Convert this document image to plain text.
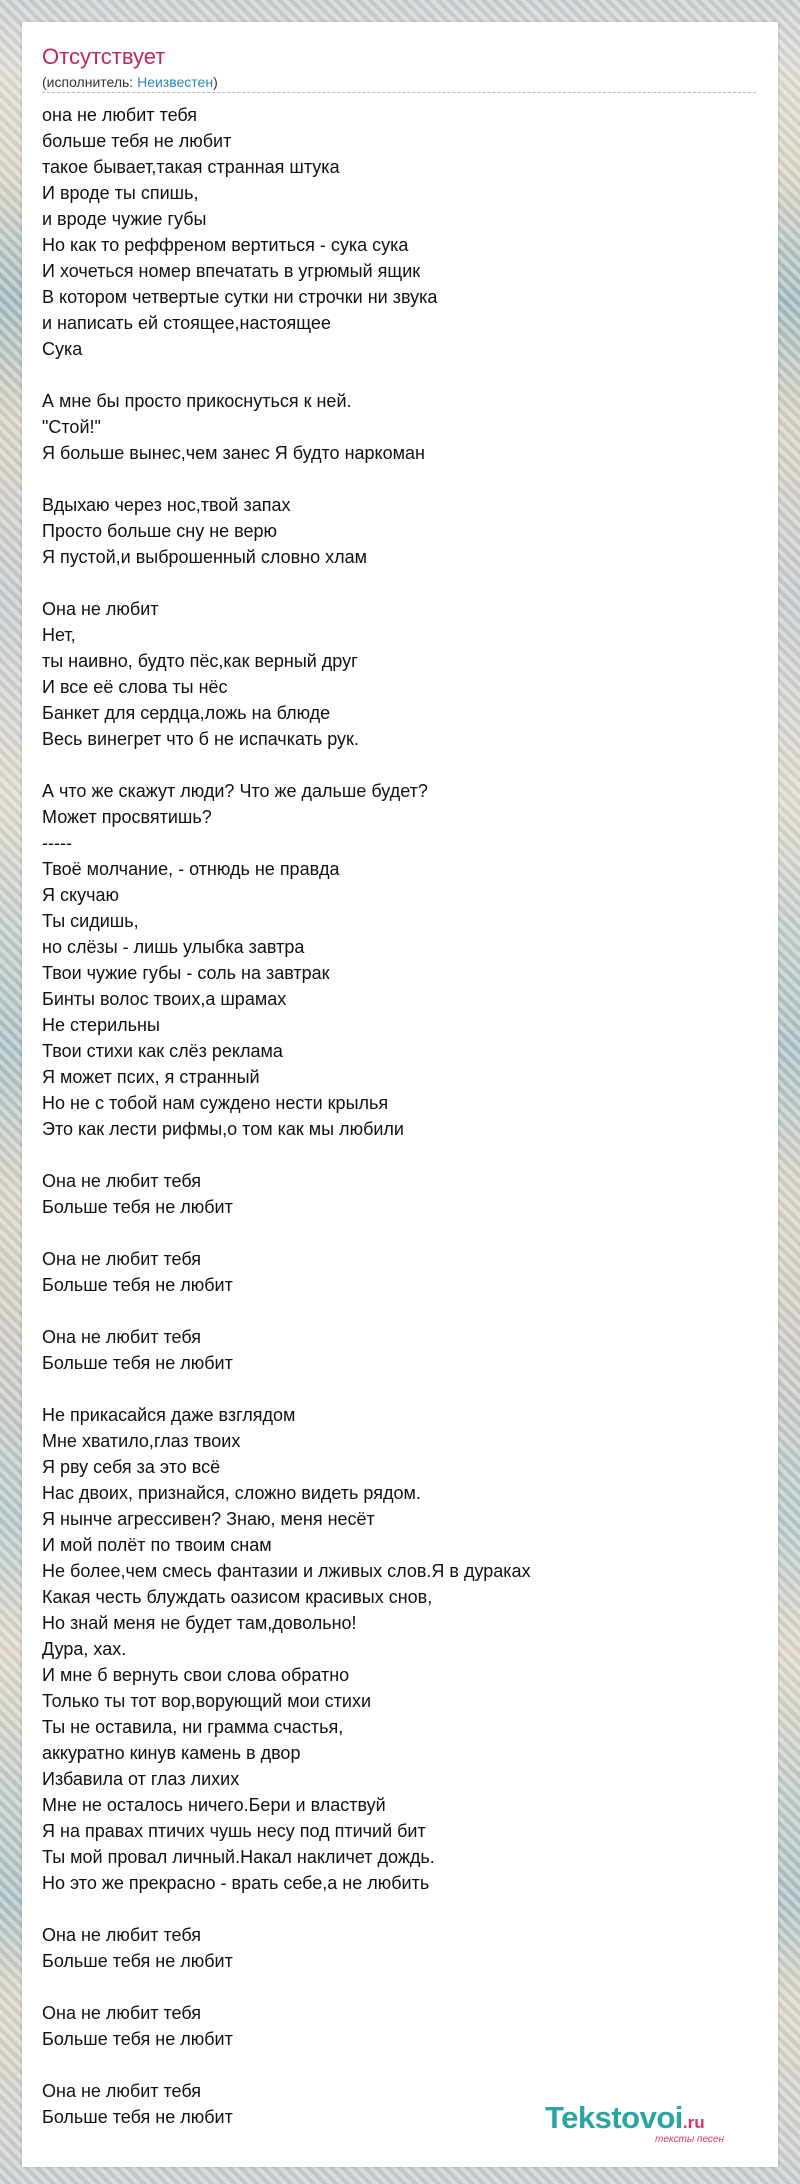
Отсутствует
(исполнитель: Неизвестен)
она не любит тебя
больше тебя не любит
такое бывает,такая странная штука
И вроде ты спишь,
и вроде чужие губы
Но как то реффреном вертиться - сука сука
И хочеться номер впечатать в угрюмый ящик
В котором четвертые сутки ни строчки ни звука
и написать ей стоящее,настоящее
Сука
А мне бы просто прикоснуться к ней.
"Стой!"
Я больше вынес,чем занес Я будто наркоман
Вдыхаю через нос,твой запах
Просто больше сну не верю
Я пустой,и выброшенный словно хлам
Она не любит
Нет,
ты наивно, будто пёс,как верный друг
И все её слова ты нёс
Банкет для сердца,ложь на блюде
Весь винегрет что б не испачкать рук.
А что же скажут люди? Что же дальше будет?
Может просвятишь?
-----
Твоё молчание, - отнюдь не правда
Я скучаю
Ты сидишь,
но слёзы - лишь улыбка завтра
Твои чужие губы - соль на завтрак
Бинты волос твоих,а шрамах
Не стерильны
Твои стихи как слёз реклама
Я может псих, я странный
Но не с тобой нам суждено нести крылья
Это как лести рифмы,о том как мы любили
Она не любит тебя
Больше тебя не любит
Она не любит тебя
Больше тебя не любит
Она не любит тебя
Больше тебя не любит
Не прикасайся даже взглядом
Мне хватило,глаз твоих
Я рву себя за это всё
Нас двоих, признайся, сложно видеть рядом.
Я нынче агрессивен? Знаю, меня несёт
И мой полёт по твоим снам
Не более,чем смесь фантазии и лживых слов.Я в дураках
Какая честь блуждать оазисом красивых снов,
Но знай меня не будет там,довольно!
Дура, хах.
И мне б вернуть свои слова обратно
Только ты тот вор,ворующий мои стихи
Ты не оставила, ни грамма счастья,
аккуратно кинув камень в двор
Избавила от глаз лихих
Мне не осталось ничего.Бери и властвуй
Я на правах птичих чушь несу под птичий бит
Ты мой провал личный.Накал накличет дождь.
Но это же прекрасно - врать себе,а не любить
Она не любит тебя
Больше тебя не любит
Она не любит тебя
Больше тебя не любит
Она не любит тебя
Больше тебя не любит	Tekstovoi.ru
тексты песен
